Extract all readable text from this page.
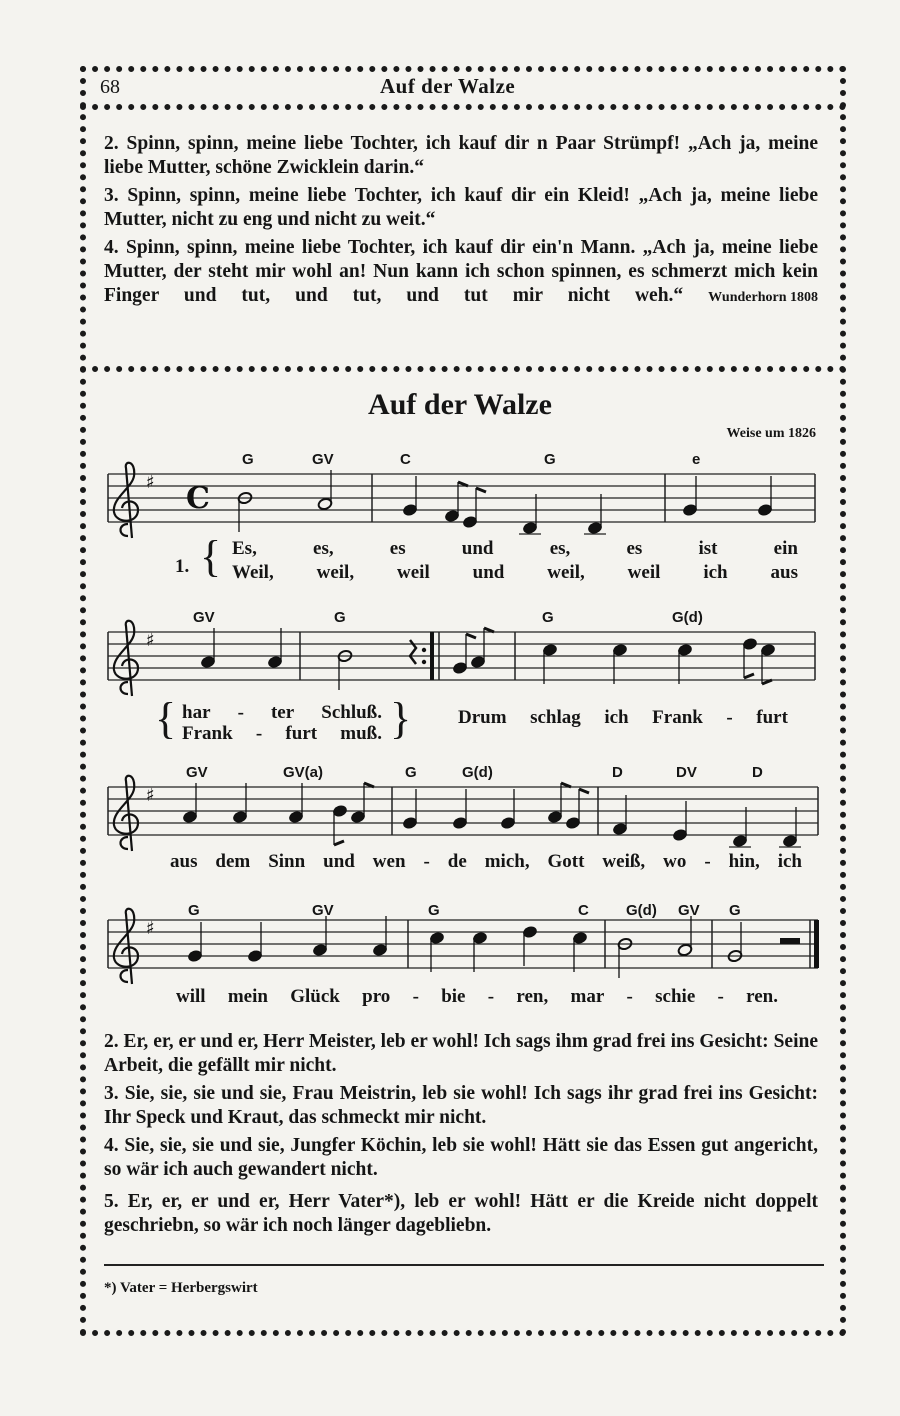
68	Auf der Walze

2. Spinn, spinn, meine liebe Tochter, ich kauf dir n Paar Strümpf! „Ach ja, meine liebe Mutter, schöne Zwicklein darin.“

3. Spinn, spinn, meine liebe Tochter, ich kauf dir ein Kleid! „Ach ja, meine liebe Mutter, nicht zu eng und nicht zu weit.“

4. Spinn, spinn, meine liebe Tochter, ich kauf dir ein'n Mann. „Ach ja, meine liebe Mutter, der steht mir wohl an! Nun kann ich schon spinnen, es schmerzt mich kein Finger und tut, und tut, und tut mir nicht weh.“ Wunderhorn 1808

Auf der Walze
Weise um 1826
♯ C
♯
♯
♯
G	GV	C	G	e
1. { Es,	es,	es	und	es,	es	ist	ein
Weil, weil, weil und weil, weil ich aus
GV	G	G	G(d)
{ har - ter Schluß.
Frank - furt muß. } Drum schlag ich Frank - furt
GV	GV(a)	G	G(d)	D	DV	D
aus dem Sinn und wen - de mich, Gott weiß, wo - hin, ich
G	GV	G	C G(d) GV G
will mein Glück pro - bie - ren, mar - schie - ren.

2. Er, er, er und er, Herr Meister, leb er wohl! Ich sags ihm grad frei ins Gesicht: Seine Arbeit, die gefällt mir nicht.

3. Sie, sie, sie und sie, Frau Meistrin, leb sie wohl! Ich sags ihr grad frei ins Gesicht: Ihr Speck und Kraut, das schmeckt mir nicht.

4. Sie, sie, sie und sie, Jungfer Köchin, leb sie wohl! Hätt sie das Essen gut angericht, so wär ich auch gewandert nicht.

5. Er, er, er und er, Herr Vater*), leb er wohl! Hätt er die Kreide nicht doppelt geschriebn, so wär ich noch länger dagebliebn.

*) Vater = Herbergswirt
